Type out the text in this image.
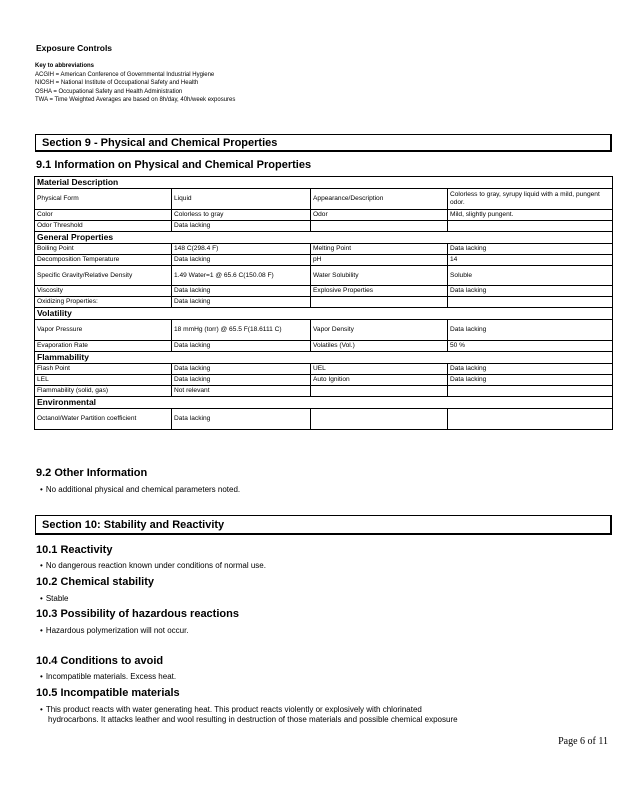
Exposure Controls
Key to abbreviations
ACGIH = American Conference of Governmental Industrial Hygiene
NIOSH = National Institute of Occupational Safety and Health
OSHA = Occupational Safety and Health Administration
TWA = Time Weighted Averages are based on 8h/day, 40h/week exposures
Section 9 - Physical and Chemical Properties
9.1 Information on Physical and Chemical Properties
Material Description			
Physical Form	Liquid	Appearance/Description	Colorless to gray, syrupy liquid with a mild, pungent odor.
Color	Colorless to gray	Odor	Mild, slightly pungent.
Odor Threshold	Data lacking		
General Properties			
Boiling Point	148 C(298.4 F)	Melting Point	Data lacking
Decomposition Temperature	Data lacking	pH	14
Specific Gravity/Relative Density	1.49 Water=1 @ 65.6 C(150.08 F)	Water Solubility	Soluble
Viscosity	Data lacking	Explosive Properties	Data lacking
Oxidizing Properties:	Data lacking		
Volatility			
Vapor Pressure	18 mmHg (torr) @ 65.5 F(18.6111 C)	Vapor Density	Data lacking
Evaporation Rate	Data lacking	Volatiles (Vol.)	50 %
Flammability			
Flash Point	Data lacking	UEL	Data lacking
LEL	Data lacking	Auto Ignition	Data lacking
Flammability (solid, gas)	Not relevant		
Environmental			
Octanol/Water Partition coefficient	Data lacking		
9.2 Other Information
• No additional physical and chemical parameters noted.
Section 10: Stability and Reactivity
10.1 Reactivity
• No dangerous reaction known under conditions of normal use.
10.2 Chemical stability
• Stable
10.3 Possibility of hazardous reactions
• Hazardous polymerization will not occur.
10.4 Conditions to avoid
• Incompatible materials. Excess heat.
10.5 Incompatible materials
• This product reacts with water generating heat. This product reacts violently or explosively with chlorinated
hydrocarbons. It attacks leather and wool resulting in destruction of those materials and possible chemical exposure
Page 6 of 11
